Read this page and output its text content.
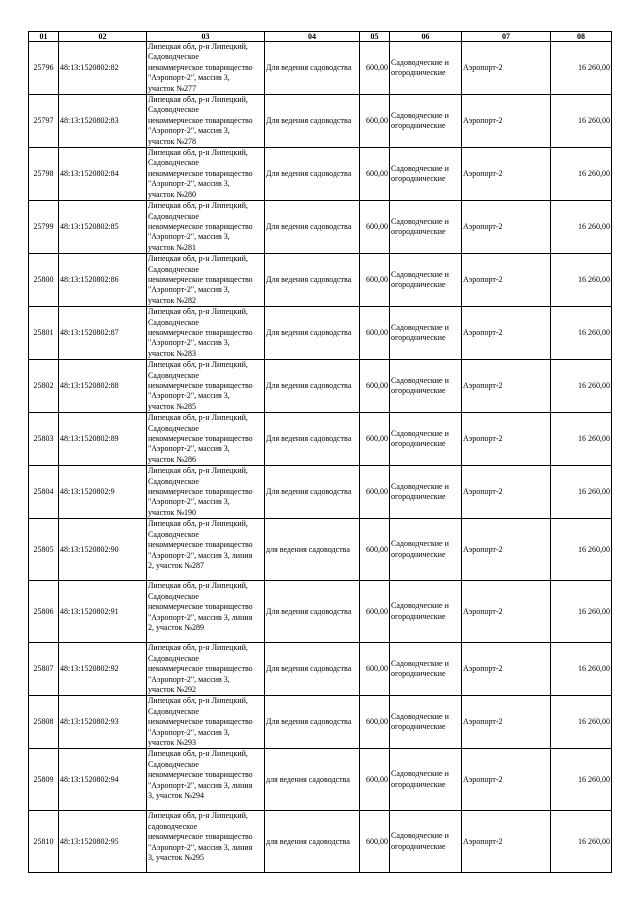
01	02	03	04	05	06	07	08
25796	48:13:1520802:82	Липецкая обл, р-н Липецкий,
Садоводческое
некоммерческое товарищество
"Аэропорт-2", массив 3,
участок №277	Для ведения садоводства	600,00	Садоводческие и огороднические	Аэропорт-2	16 260,00
25797	48:13:1520802:83	Липецкая обл, р-н Липецкий,
Садоводческое
некоммерческое товарищество
"Аэропорт-2", массив 3,
участок №278	Для ведения садоводства	600,00	Садоводческие и огороднические	Аэропорт-2	16 260,00
25798	48:13:1520802:84	Липецкая обл, р-н Липецкий,
Садоводческое
некоммерческое товарищество
"Аэропорт-2", массив 3,
участок №280	Для ведения садоводства	600,00	Садоводческие и огороднические	Аэропорт-2	16 260,00
25799	48:13:1520802:85	Липецкая обл, р-н Липецкий,
Садоводческое
некоммерческое товарищество
"Аэропорт-2", массив 3,
участок №281	Для ведения садоводства	600,00	Садоводческие и огороднические	Аэропорт-2	16 260,00
25800	48:13:1520802:86	Липецкая обл, р-н Липецкий,
Садоводческое
некоммерческое товарищество
"Аэропорт-2", массив 3,
участок №282	Для ведения садоводства	600,00	Садоводческие и огороднические	Аэропорт-2	16 260,00
25801	48:13:1520802:87	Липецкая обл, р-н Липецкий,
Садоводческое
некоммерческое товарищество
"Аэропорт-2", массив 3,
участок №283	Для ведения садоводства	600,00	Садоводческие и огороднические	Аэропорт-2	16 260,00
25802	48:13:1520802:88	Липецкая обл, р-н Липецкий,
Садоводческое
некоммерческое товарищество
"Аэропорт-2", массив 3,
участок №285	Для ведения садоводства	600,00	Садоводческие и огороднические	Аэропорт-2	16 260,00
25803	48:13:1520802:89	Липецкая обл, р-н Липецкий,
Садоводческое
некоммерческое товарищество
"Аэропорт-2", массив 3,
участок №286	Для ведения садоводства	600,00	Садоводческие и огороднические	Аэропорт-2	16 260,00
25804	48:13:1520802:9	Липецкая обл, р-н Липецкий,
Садоводческое
некоммерческое товарищество
"Аэропорт-2", массив 3,
участок №190	Для ведения садоводства	600,00	Садоводческие и огороднические	Аэропорт-2	16 260,00
25805	48:13:1520802:90	Липецкая обл, р-н Липецкий,
Садоводческое
некоммерческое товарищество
"Аэропорт-2", массив 3, линия
2, участок №287	для ведения садоводства	600,00	Садоводческие и огороднические	Аэропорт-2	16 260,00
25806	48:13:1520802:91	Липецкая обл, р-н Липецкий,
Садоводческое
некоммерческое товарищество
"Аэропорт-2", массив 3, линия
2, участок №289	Для ведения садоводства	600,00	Садоводческие и огороднические	Аэропорт-2	16 260,00
25807	48:13:1520802:92	Липецкая обл, р-н Липецкий,
Садоводческое
некоммерческое товарищество
"Аэропорт-2", массив 3,
участок №292	Для ведения садоводства	600,00	Садоводческие и огороднические	Аэропорт-2	16 260,00
25808	48:13:1520802:93	Липецкая обл, р-н Липецкий,
Садоводческое
некоммерческое товарищество
"Аэропорт-2", массив 3,
участок №293	Для ведения садоводства	600,00	Садоводческие и огороднические	Аэропорт-2	16 260,00
25809	48:13:1520802:94	Липецкая обл, р-н Липецкий,
Садоводческое
некоммерческое товарищество
"Аэропорт-2", массив 3, линия
3, участок №294	для ведения садоводства	600,00	Садоводческие и огороднические	Аэропорт-2	16 260,00
25810	48:13:1520802:95	Липецкая обл, р-н Липецкий,
садоводческое
некоммерческое товарищество
"Аэропорт-2", массив 3, линия
3, участок №295	для ведения садоводства	600,00	Садоводческие и огороднические	Аэропорт-2	16 260,00
